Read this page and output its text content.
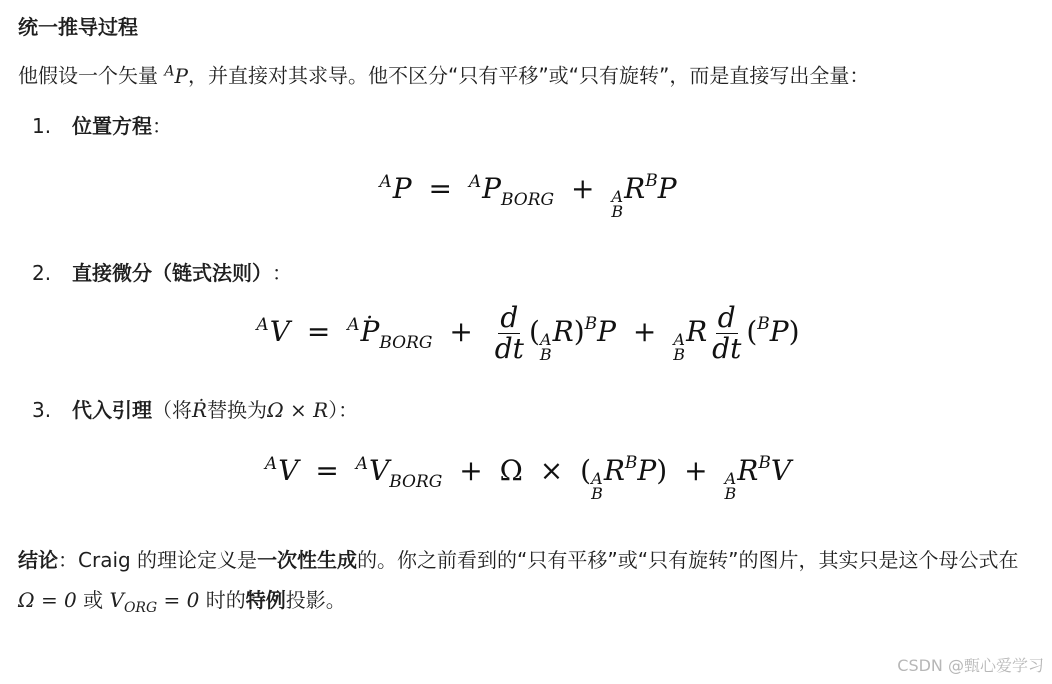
统一推导过程
他假设一个矢量 $^A$P，并直接对其求导。他不区分“只有平移”或“只有旋转”，而是直接写出全量：
1.	位置方程 ：
$^AP = ^AP_{BORG} + A$
B
$R^BP$
2.	直接微分（链式法则） ：
$^AV = ^A\cdot P_{BORG} + \frac{d}{dt}$ ( A
B
R)$^B$P + A
B
R $\frac{d}{dt} (^BP)$
3.	代入引理 （将 Ṙ 替换为 Ω × R ）：
$^AV = ^AV_{BORG} + \Omega$ × ( A
B
$R^BP) + A$
B
$R^BV$

结论：Craig 的理论定义是一次性生成的。你之前看到的“只有平移”或“只有旋转”的图片，其实只是这个母公式在 Ω = 0 或 $V_{ORG} = 0$ 时的特例投影。

CSDN @甄心爱学习
